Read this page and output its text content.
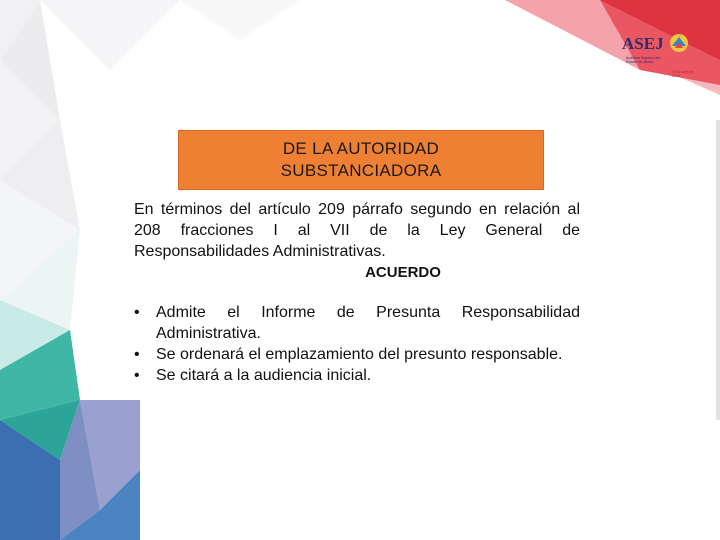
ASEJ
Auditoría Superior del Estado de Jalisco
10 de abril de 2019
DE LA AUTORIDAD
SUBSTANCIADORA

En términos del artículo 209 párrafo segundo en relación al 208 fracciones I al VII de la Ley General de Responsabilidades Administrativas.

ACUERDO

• Admite el Informe de Presunta Responsabilidad Administrativa.
• Se ordenará el emplazamiento del presunto responsable.
• Se citará a la audiencia inicial.
